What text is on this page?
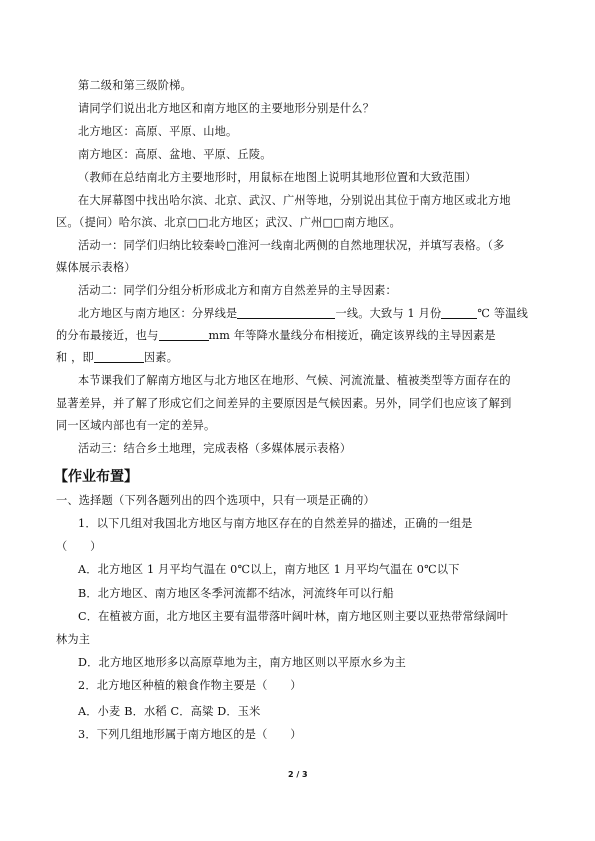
第二级和第三级阶梯。

请同学们说出北方地区和南方地区的主要地形分别是什么？

北方地区：高原、平原、山地。

南方地区：高原、盆地、平原、丘陵。

（教师在总结南北方主要地形时，用鼠标在地图上说明其地形位置和大致范围）

在大屏幕图中找出哈尔滨、北京、武汉、广州等地，分别说出其位于南方地区或北方地

区。（提问）哈尔滨、北京□□北方地区；武汉、广州□□南方地区。

活动一：同学们归纳比较秦岭□淮河一线南北两侧的自然地理状况，并填写表格。（多

媒体展示表格）

活动二：同学们分组分析形成北方和南方自然差异的主导因素：

北方地区与南方地区：分界线是	一线。大致与 1 月份	℃ 等温线

的分布最接近，也与	mm 年等降水量线分布相接近，确定该界线的主导因素是

和 ，即	因素。

本节课我们了解南方地区与北方地区在地形、气候、河流流量、植被类型等方面存在的

显著差异，并了解了形成它们之间差异的主要原因是气候因素。另外，同学们也应该了解到

同一区域内部也有一定的差异。

活动三：结合乡土地理，完成表格（多媒体展示表格）

【作业布置】

一、选择题（下列各题列出的四个选项中，只有一项是正确的）

1．以下几组对我国北方地区与南方地区存在的自然差异的描述，正确的一组是

（　　）

A．北方地区 1 月平均气温在 0℃以上，南方地区 1 月平均气温在 0℃以下

B．北方地区、南方地区冬季河流都不结冰，河流终年可以行船

C．在植被方面，北方地区主要有温带落叶阔叶林，南方地区则主要以亚热带常绿阔叶

林为主

D．北方地区地形多以高原草地为主，南方地区则以平原水乡为主

2．北方地区种植的粮食作物主要是（　　）

A．小麦 B．水稻 C．高粱 D．玉米

3．下列几组地形属于南方地区的是（　　）

2 / 3
